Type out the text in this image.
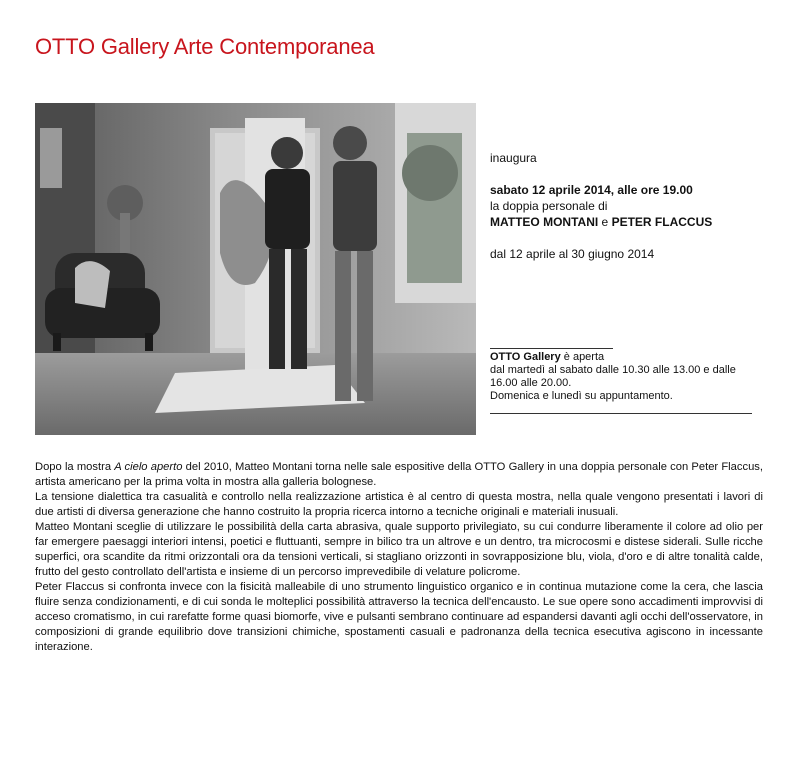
OTTO Gallery Arte Contemporanea

inaugura

sabato 12 aprile 2014, alle ore 19.00

la doppia personale di

MATTEO MONTANI e PETER FLACCUS

dal 12 aprile al 30 giugno 2014

OTTO Gallery è aperta

dal martedì al sabato dalle 10.30 alle 13.00 e dalle 16.00 alle 20.00.

Domenica e lunedì su appuntamento.

Dopo la mostra A cielo aperto del 2010, Matteo Montani torna nelle sale espositive della OTTO Gallery in una doppia personale con Peter Flaccus, artista americano per la prima volta in mostra alla galleria bolognese.

La tensione dialettica tra casualità e controllo nella realizzazione artistica è al centro di questa mostra, nella quale vengono presentati i lavori di due artisti di diversa generazione che hanno costruito la propria ricerca intorno a tecniche originali e materiali inusuali.

Matteo Montani sceglie di utilizzare le possibilità della carta abrasiva, quale supporto privilegiato, su cui condurre liberamente il colore ad olio per far emergere paesaggi interiori intensi, poetici e fluttuanti, sempre in bilico tra un altrove e un dentro, tra microcosmi e distese siderali. Sulle ricche superfici, ora scandite da ritmi orizzontali ora da tensioni verticali, si stagliano orizzonti in sovrapposizione blu, viola, d'oro e di altre tonalità calde, frutto del gesto controllato dell'artista e insieme di un percorso imprevedibile di velature policrome.

Peter Flaccus si confronta invece con la fisicità malleabile di uno strumento linguistico organico e in continua mutazione come la cera, che lascia fluire senza condizionamenti, e di cui sonda le molteplici possibilità attraverso la tecnica dell'encausto. Le sue opere sono accadimenti improvvisi di acceso cromatismo, in cui rarefatte forme quasi biomorfe, vive e pulsanti sembrano continuare ad espandersi davanti agli occhi dell'osservatore, in composizioni di grande equilibrio dove transizioni chimiche, spostamenti casuali e padronanza della tecnica esecutiva agiscono in incessante interazione.
